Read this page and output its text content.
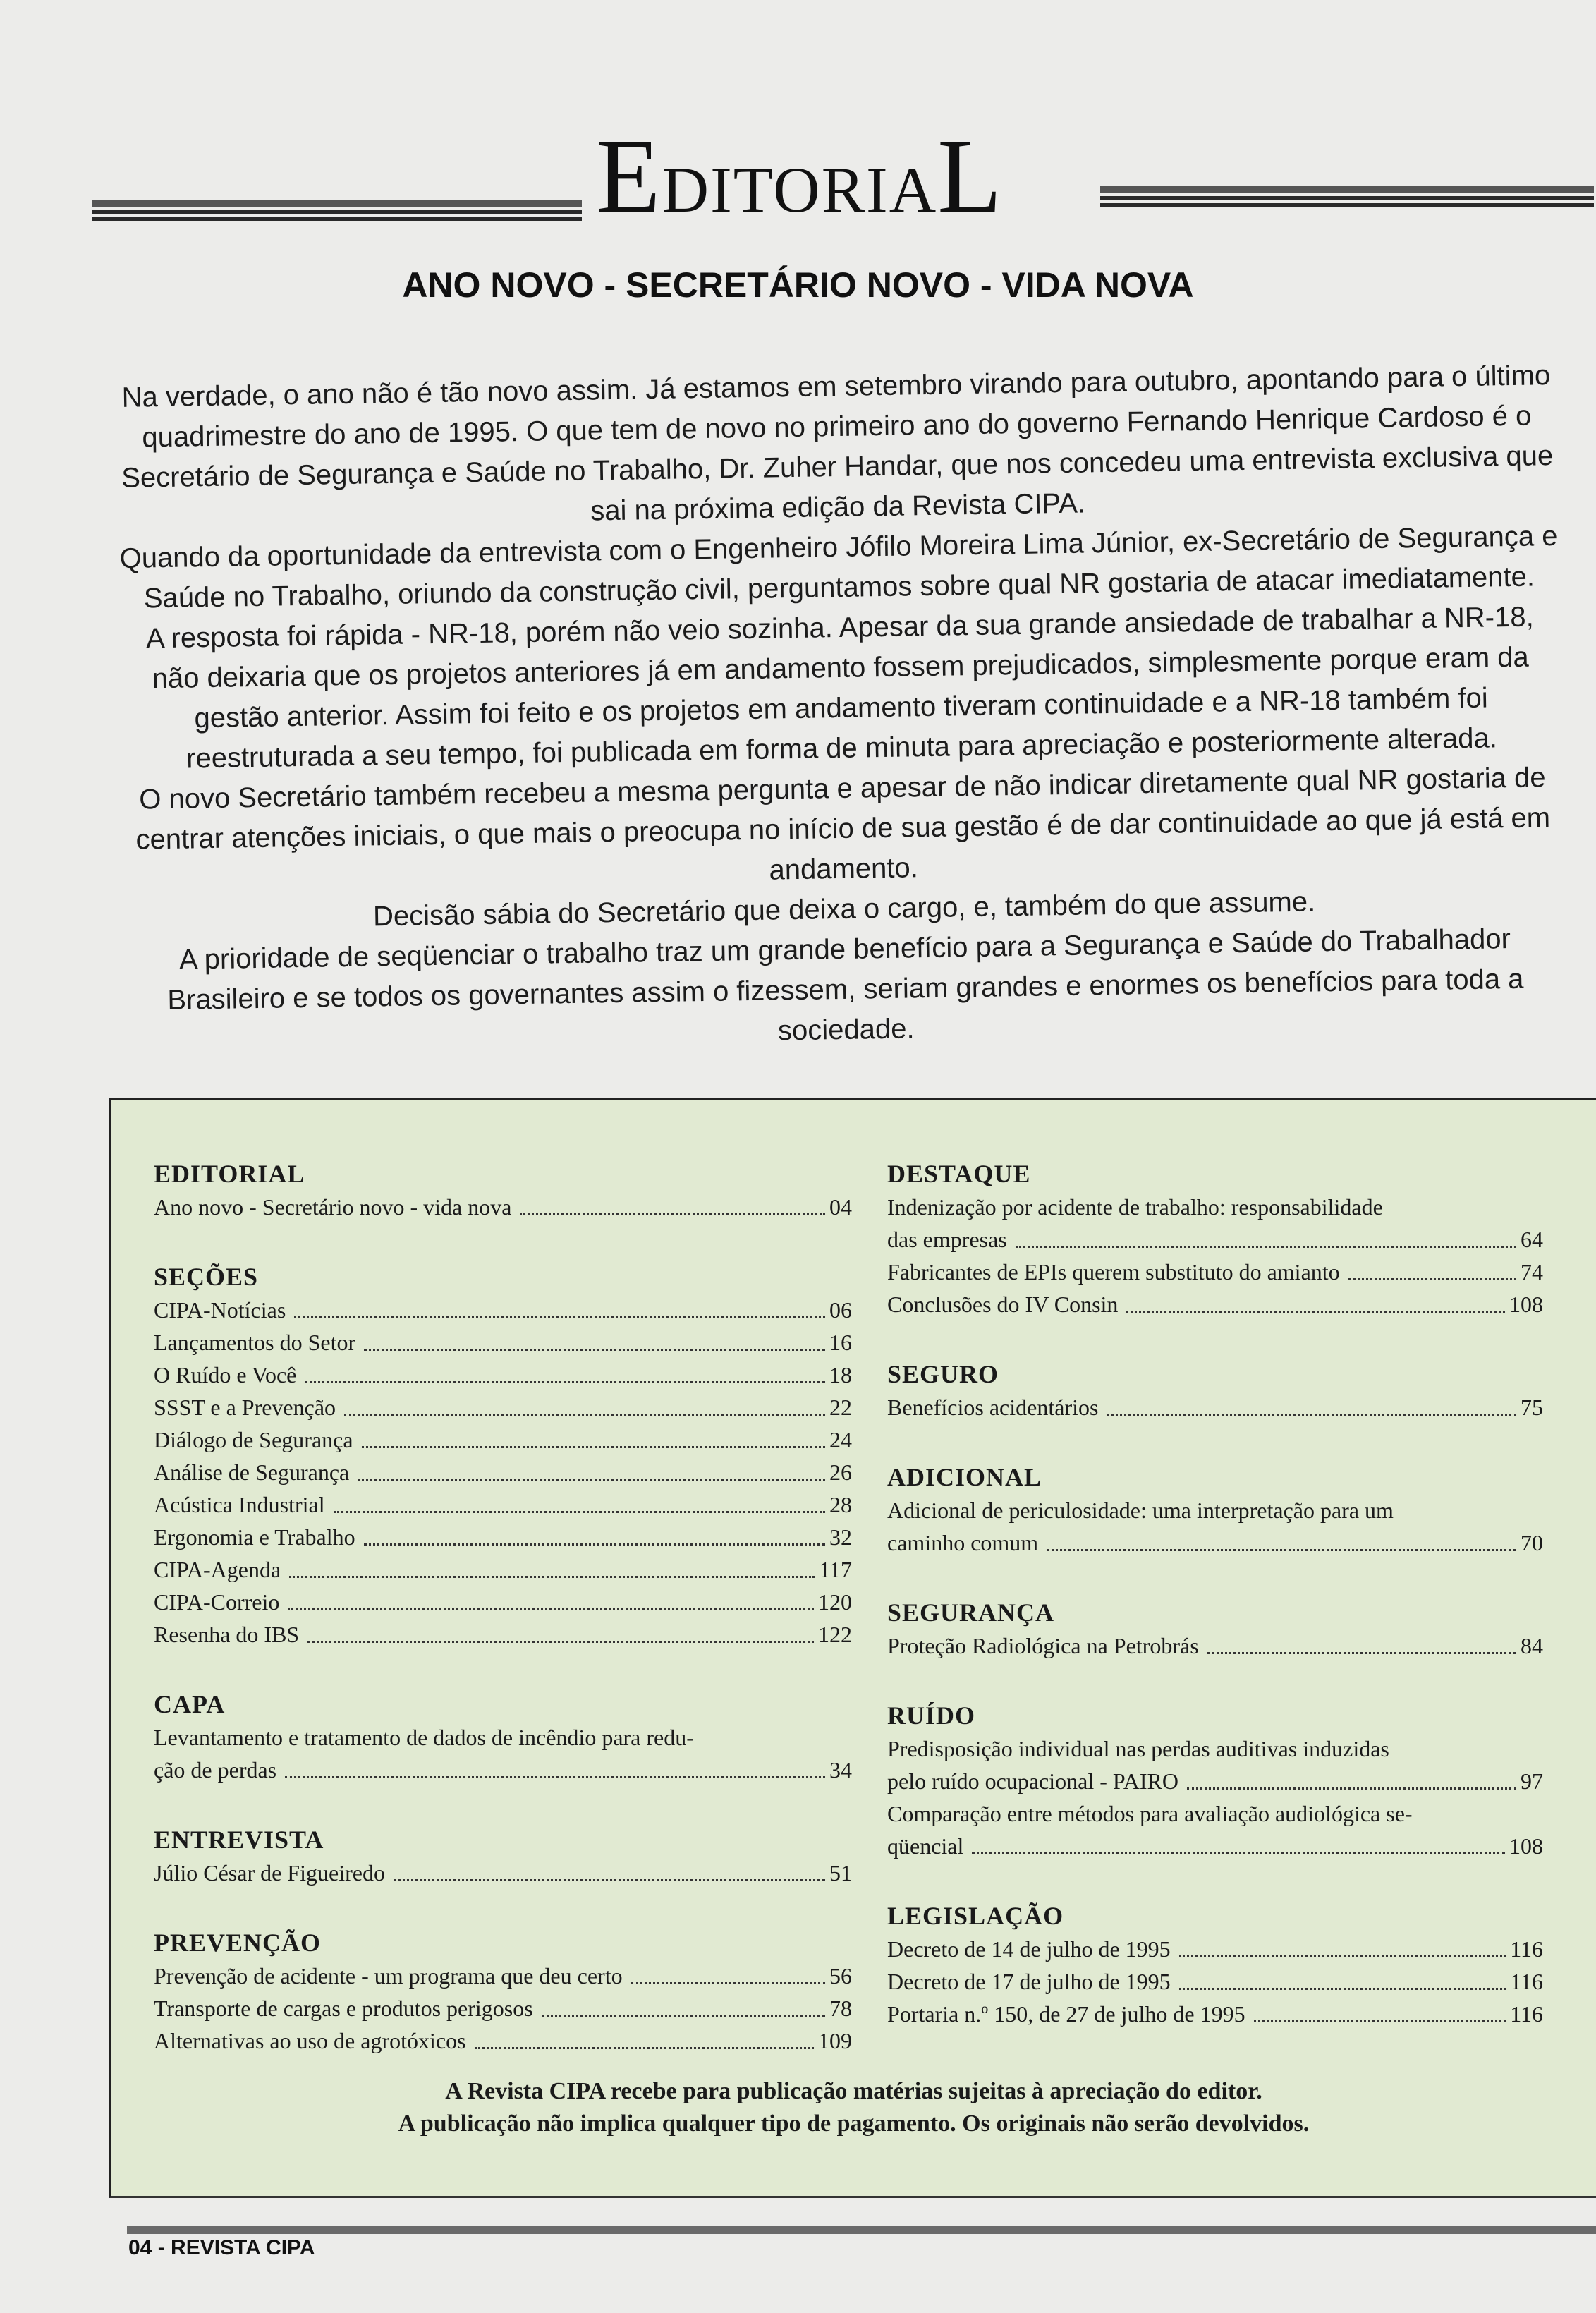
EDITORIAL
ANO NOVO - SECRETÁRIO NOVO - VIDA NOVA

Na verdade, o ano não é tão novo assim. Já estamos em setembro virando para outubro, apontando para o último quadrimestre do ano de 1995. O que tem de novo no primeiro ano do governo Fernando Henrique Cardoso é o Secretário de Segurança e Saúde no Trabalho, Dr. Zuher Handar, que nos concedeu uma entrevista exclusiva que sai na próxima edição da Revista CIPA.

Quando da oportunidade da entrevista com o Engenheiro Jófilo Moreira Lima Júnior, ex-Secretário de Segurança e Saúde no Trabalho, oriundo da construção civil, perguntamos sobre qual NR gostaria de atacar imediatamente.

A resposta foi rápida - NR-18, porém não veio sozinha. Apesar da sua grande ansiedade de trabalhar a NR-18, não deixaria que os projetos anteriores já em andamento fossem prejudicados, simplesmente porque eram da gestão anterior. Assim foi feito e os projetos em andamento tiveram continuidade e a NR-18 também foi reestruturada a seu tempo, foi publicada em forma de minuta para apreciação e posteriormente alterada.

O novo Secretário também recebeu a mesma pergunta e apesar de não indicar diretamente qual NR gostaria de centrar atenções iniciais, o que mais o preocupa no início de sua gestão é de dar continuidade ao que já está em andamento.

Decisão sábia do Secretário que deixa o cargo, e, também do que assume.

A prioridade de seqüenciar o trabalho traz um grande benefício para a Segurança e Saúde do Trabalhador Brasileiro e se todos os governantes assim o fizessem, seriam grandes e enormes os benefícios para toda a sociedade.

EDITORIAL
Ano novo - Secretário novo - vida nova	04
SEÇÕES
CIPA-Notícias	06
Lançamentos do Setor	16
O Ruído e Você	18
SSST e a Prevenção	22
Diálogo de Segurança	24
Análise de Segurança	26
Acústica Industrial	28
Ergonomia e Trabalho	32
CIPA-Agenda	117
CIPA-Correio	120
Resenha do IBS	122
CAPA
Levantamento e tratamento de dados de incêndio para redu-
ção de perdas	34
ENTREVISTA
Júlio César de Figueiredo	51
PREVENÇÃO
Prevenção de acidente - um programa que deu certo	56
Transporte de cargas e produtos perigosos	78
Alternativas ao uso de agrotóxicos	109
DESTAQUE
Indenização por acidente de trabalho: responsabilidade
das empresas	64
Fabricantes de EPIs querem substituto do amianto	74
Conclusões do IV Consin	108
SEGURO
Benefícios acidentários	75
ADICIONAL
Adicional de periculosidade: uma interpretação para um
caminho comum	70
SEGURANÇA
Proteção Radiológica na Petrobrás	84
RUÍDO
Predisposição individual nas perdas auditivas induzidas
pelo ruído ocupacional - PAIRO	97
Comparação entre métodos para avaliação audiológica se-
qüencial	108
LEGISLAÇÃO
Decreto de 14 de julho de 1995	116
Decreto de 17 de julho de 1995	116
Portaria n.º 150, de 27 de julho de 1995	116
A Revista CIPA recebe para publicação matérias sujeitas à apreciação do editor.
A publicação não implica qualquer tipo de pagamento. Os originais não serão devolvidos.
04 - REVISTA CIPA
